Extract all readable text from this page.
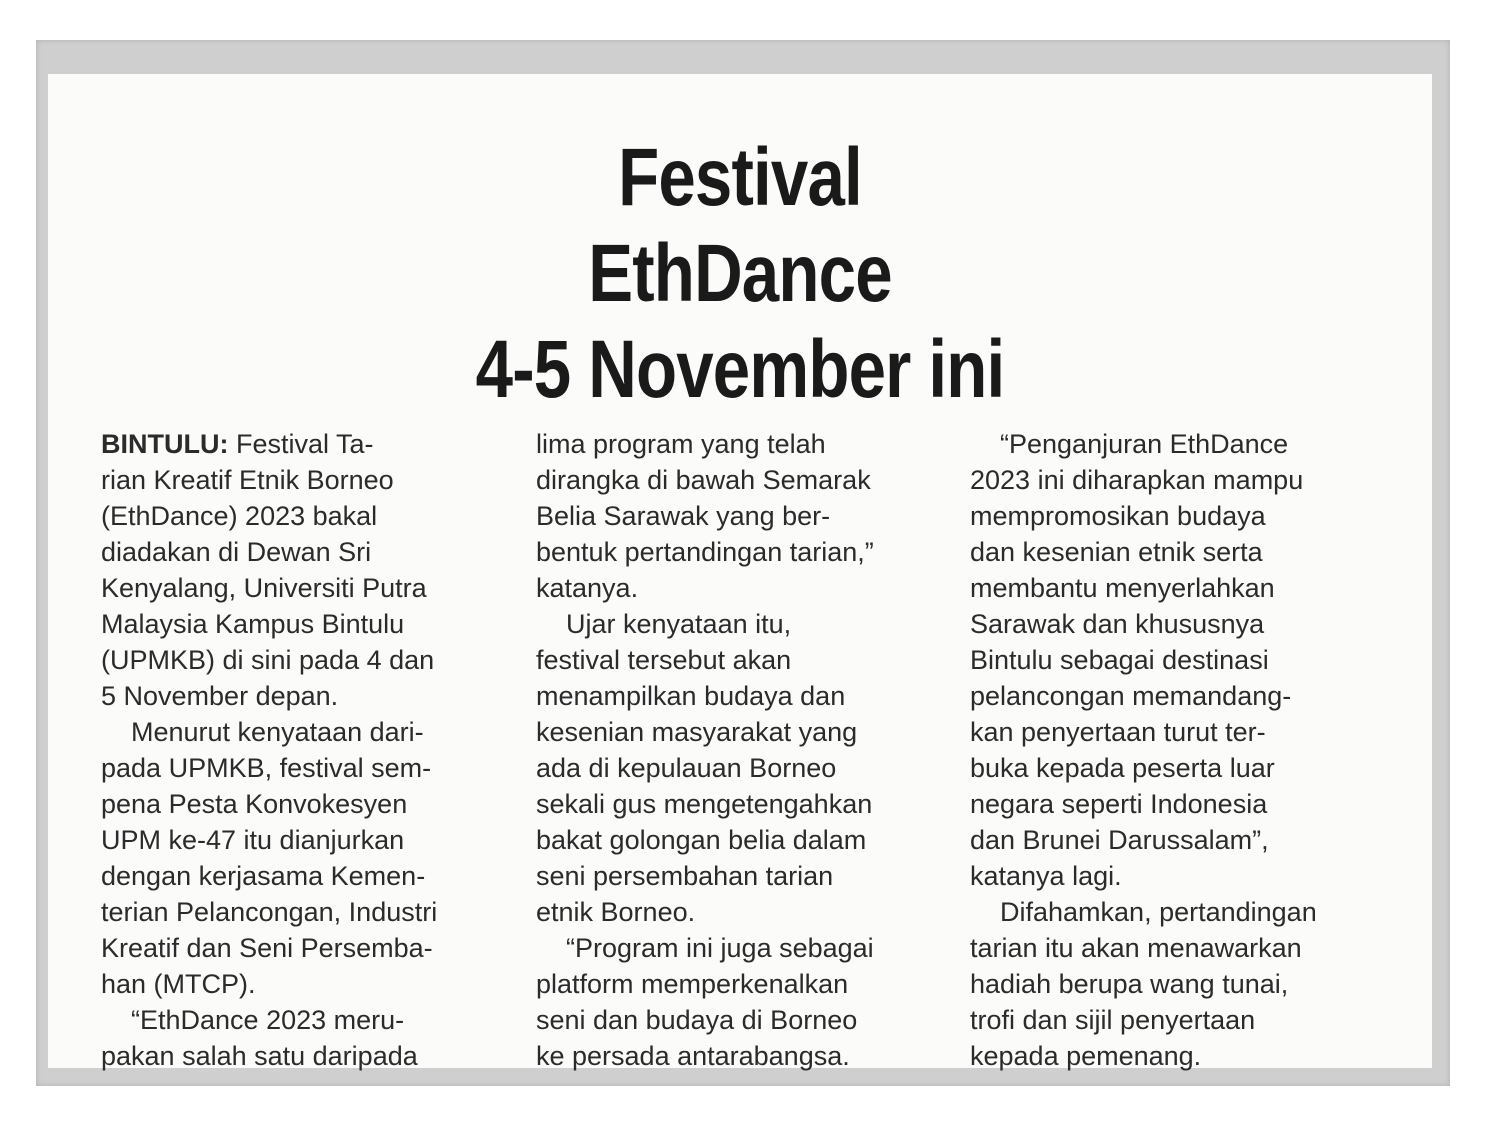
Festival
EthDance
4-5 November ini
BINTULU: Festival Ta-
rian Kreatif Etnik Borneo
(EthDance) 2023 bakal
diadakan di Dewan Sri
Kenyalang, Universiti Putra
Malaysia Kampus Bintulu
(UPMKB) di sini pada 4 dan
5 November depan.
Menurut kenyataan dari-
pada UPMKB, festival sem-
pena Pesta Konvokesyen
UPM ke-47 itu dianjurkan
dengan kerjasama Kemen-
terian Pelancongan, Industri
Kreatif dan Seni Persemba-
han (MTCP).
“EthDance 2023 meru-
pakan salah satu daripada
lima program yang telah
dirangka di bawah Semarak
Belia Sarawak yang ber-
bentuk pertandingan tarian,”
katanya.
Ujar kenyataan itu,
festival tersebut akan
menampilkan budaya dan
kesenian masyarakat yang
ada di kepulauan Borneo
sekali gus mengetengahkan
bakat golongan belia dalam
seni persembahan tarian
etnik Borneo.
“Program ini juga sebagai
platform memperkenalkan
seni dan budaya di Borneo
ke persada antarabangsa.
“Penganjuran EthDance
2023 ini diharapkan mampu
mempromosikan budaya
dan kesenian etnik serta
membantu menyerlahkan
Sarawak dan khususnya
Bintulu sebagai destinasi
pelancongan memandang-
kan penyertaan turut ter-
buka kepada peserta luar
negara seperti Indonesia
dan Brunei Darussalam”,
katanya lagi.
Difahamkan, pertandingan
tarian itu akan menawarkan
hadiah berupa wang tunai,
trofi dan sijil penyertaan
kepada pemenang.
